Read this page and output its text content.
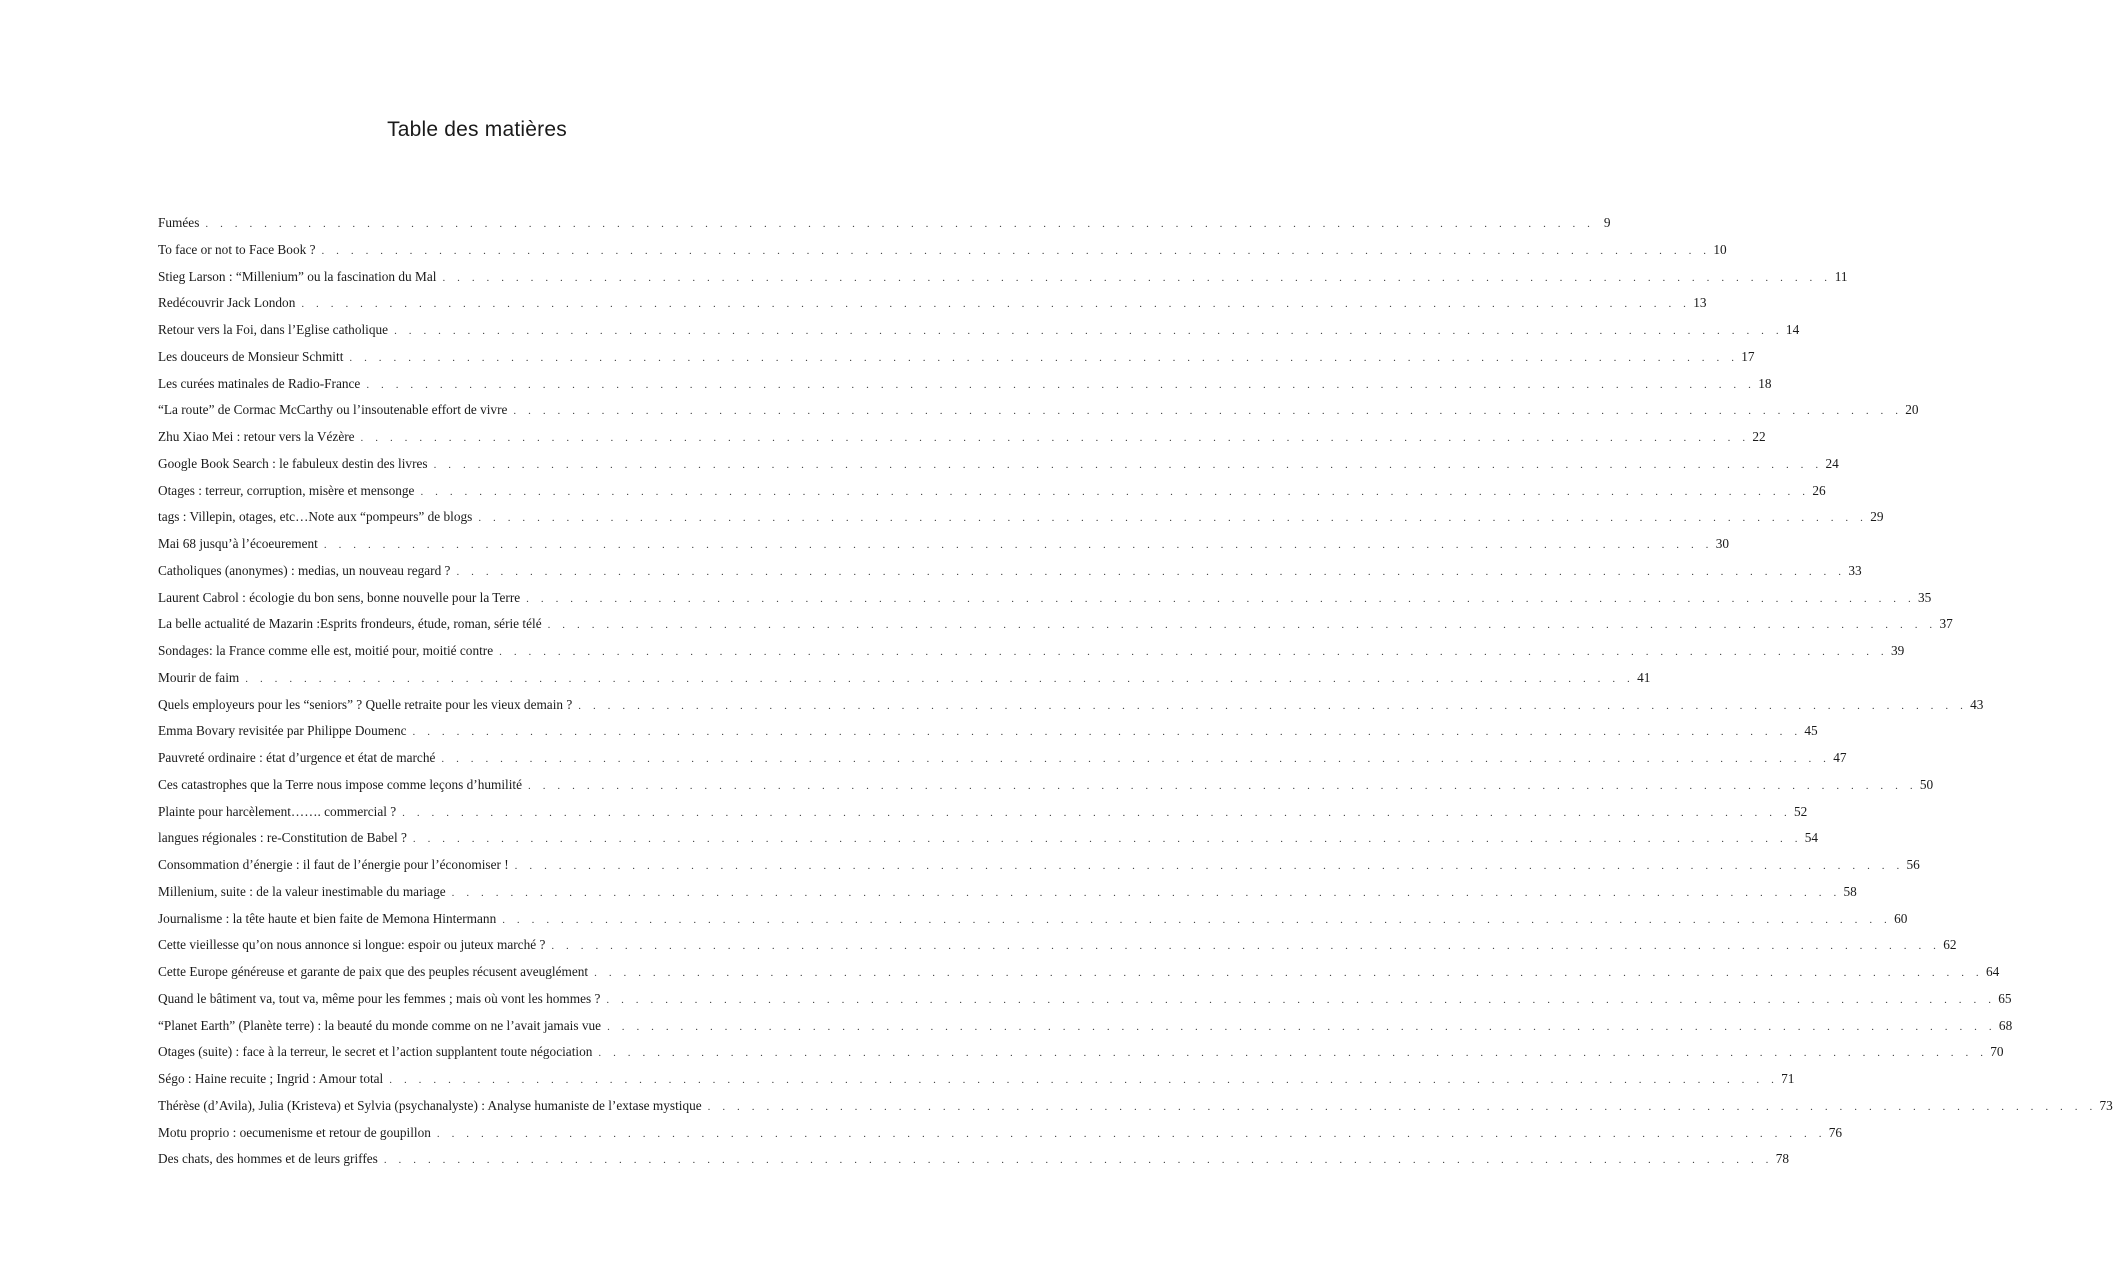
Table des matières
Fumées . . .	9
To face or not to Face Book ? . . .	10
Stieg Larson : “Millenium” ou la fascination du Mal . . .	11
Redécouvrir Jack London . . .	13
Retour vers la Foi, dans l’Eglise catholique . . .	14
Les douceurs de Monsieur Schmitt . . .	17
Les curées matinales de Radio-France . . .	18
“La route” de Cormac McCarthy ou l’insoutenable effort de vivre . . .	20
Zhu Xiao Mei : retour vers la Vézère . . .	22
Google Book Search : le fabuleux destin des livres . . .	24
Otages : terreur, corruption, misère et mensonge . . .	26
tags : Villepin, otages, etc…Note aux “pompeurs” de blogs . . .	29
Mai 68 jusqu’à l’écoeurement . . .	30
Catholiques (anonymes) : medias, un nouveau regard ? . . .	33
Laurent Cabrol : écologie du bon sens, bonne nouvelle pour la Terre . . .	35
La belle actualité de Mazarin :Esprits frondeurs, étude, roman, série télé . . .	37
Sondages: la France comme elle est, moitié pour, moitié contre . . .	39
Mourir de faim . . .	41
Quels employeurs pour les “seniors” ? Quelle retraite pour les vieux demain ? . . .	43
Emma Bovary revisitée par Philippe Doumenc . . .	45
Pauvreté ordinaire : état d’urgence et état de marché . . .	47
Ces catastrophes que la Terre nous impose comme leçons d’humilité . . .	50
Plainte pour harcèlement……. commercial ? . . .	52
langues régionales : re-Constitution de Babel ? . . .	54
Consommation d’énergie : il faut de l’énergie pour l’économiser ! . . .	56
Millenium, suite : de la valeur inestimable du mariage . . .	58
Journalisme : la tête haute et bien faite de Memona Hintermann . . .	60
Cette vieillesse qu’on nous annonce si longue: espoir ou juteux marché ? . . .	62
Cette Europe généreuse et garante de paix que des peuples récusent aveuglément . . .	64
Quand le bâtiment va, tout va, même pour les femmes ; mais où vont les hommes ? . . .	65
“Planet Earth” (Planète terre) : la beauté du monde comme on ne l’avait jamais vue . . .	68
Otages (suite) : face à la terreur, le secret et l’action supplantent toute négociation . . .	70
Ségo : Haine recuite ; Ingrid : Amour total . . .	71
Thérèse (d’Avila), Julia (Kristeva) et Sylvia (psychanalyste) : Analyse humaniste de l’extase mystique . . .	73
Motu proprio : oecumenisme et retour de goupillon . . .	76
Des chats, des hommes et de leurs griffes . . .	78
